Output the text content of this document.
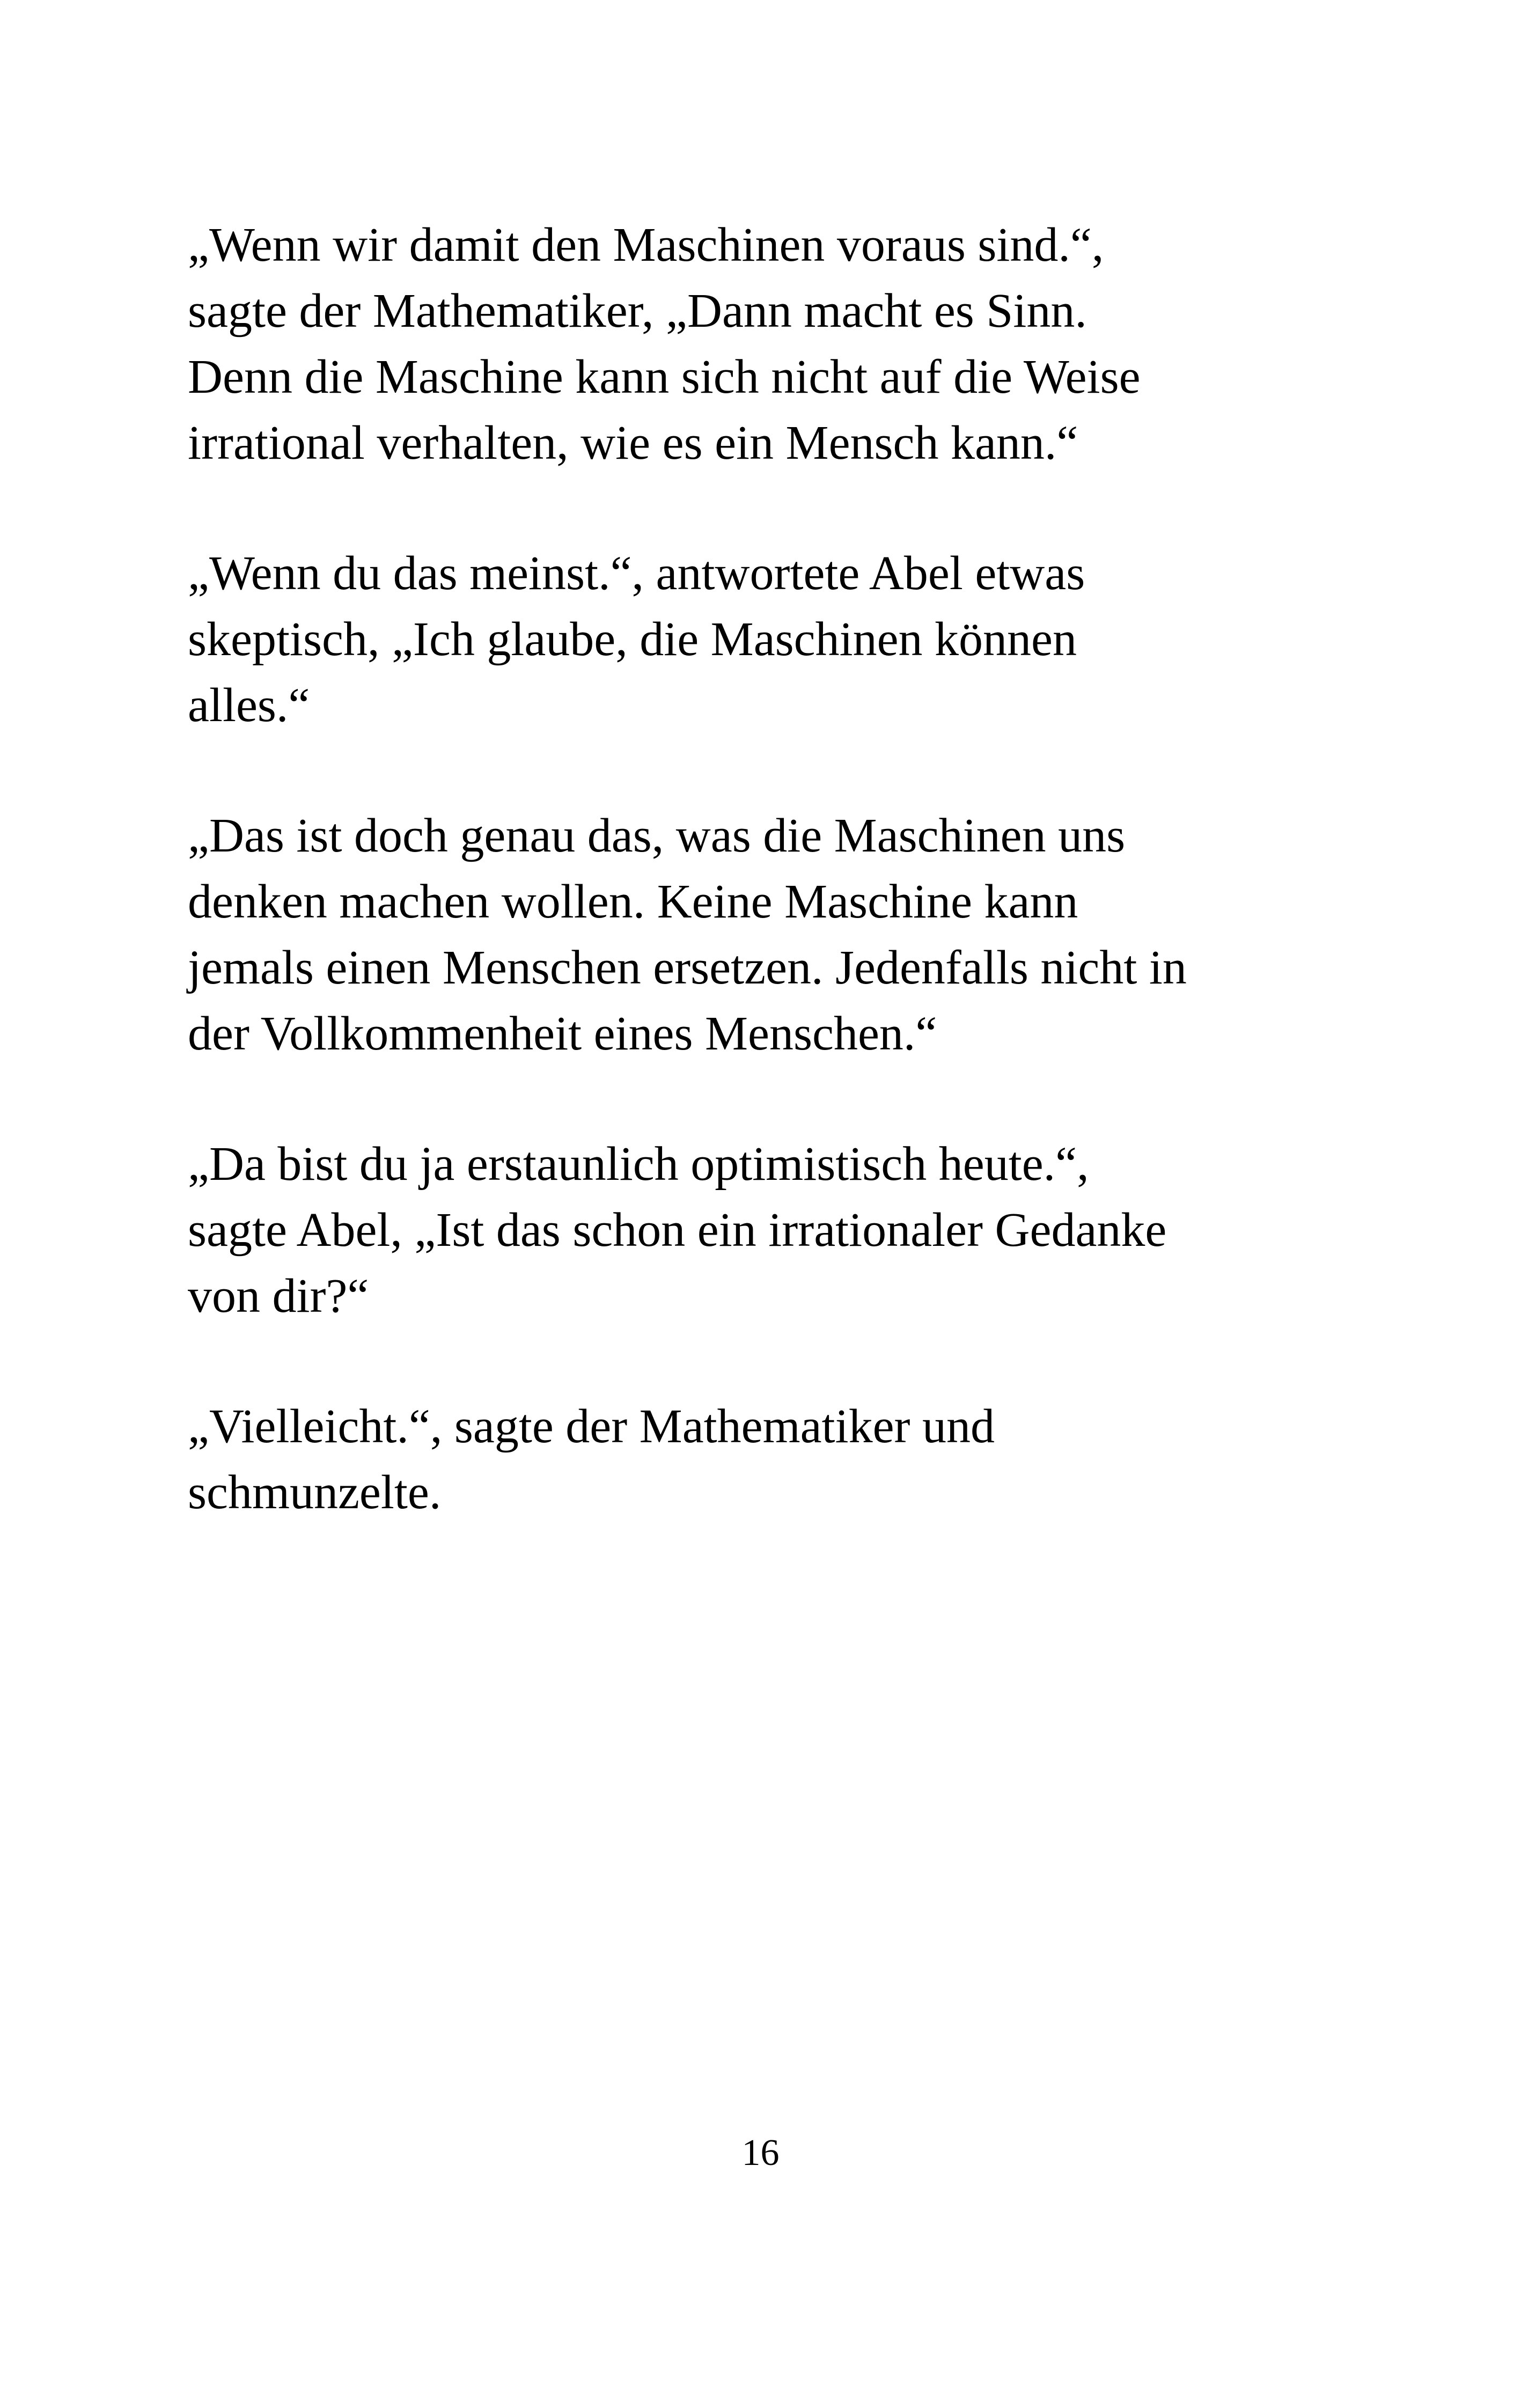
„Wenn wir damit den Maschinen voraus sind.“,
sagte der Mathematiker, „Dann macht es Sinn.
Denn die Maschine kann sich nicht auf die Weise
irrational verhalten, wie es ein Mensch kann.“

„Wenn du das meinst.“, antwortete Abel etwas
skeptisch, „Ich glaube, die Maschinen können
alles.“

„Das ist doch genau das, was die Maschinen uns
denken machen wollen. Keine Maschine kann
jemals einen Menschen ersetzen. Jedenfalls nicht in
der Vollkommenheit eines Menschen.“

„Da bist du ja erstaunlich optimistisch heute.“,
sagte Abel, „Ist das schon ein irrationaler Gedanke
von dir?“

„Vielleicht.“, sagte der Mathematiker und
schmunzelte.

16
